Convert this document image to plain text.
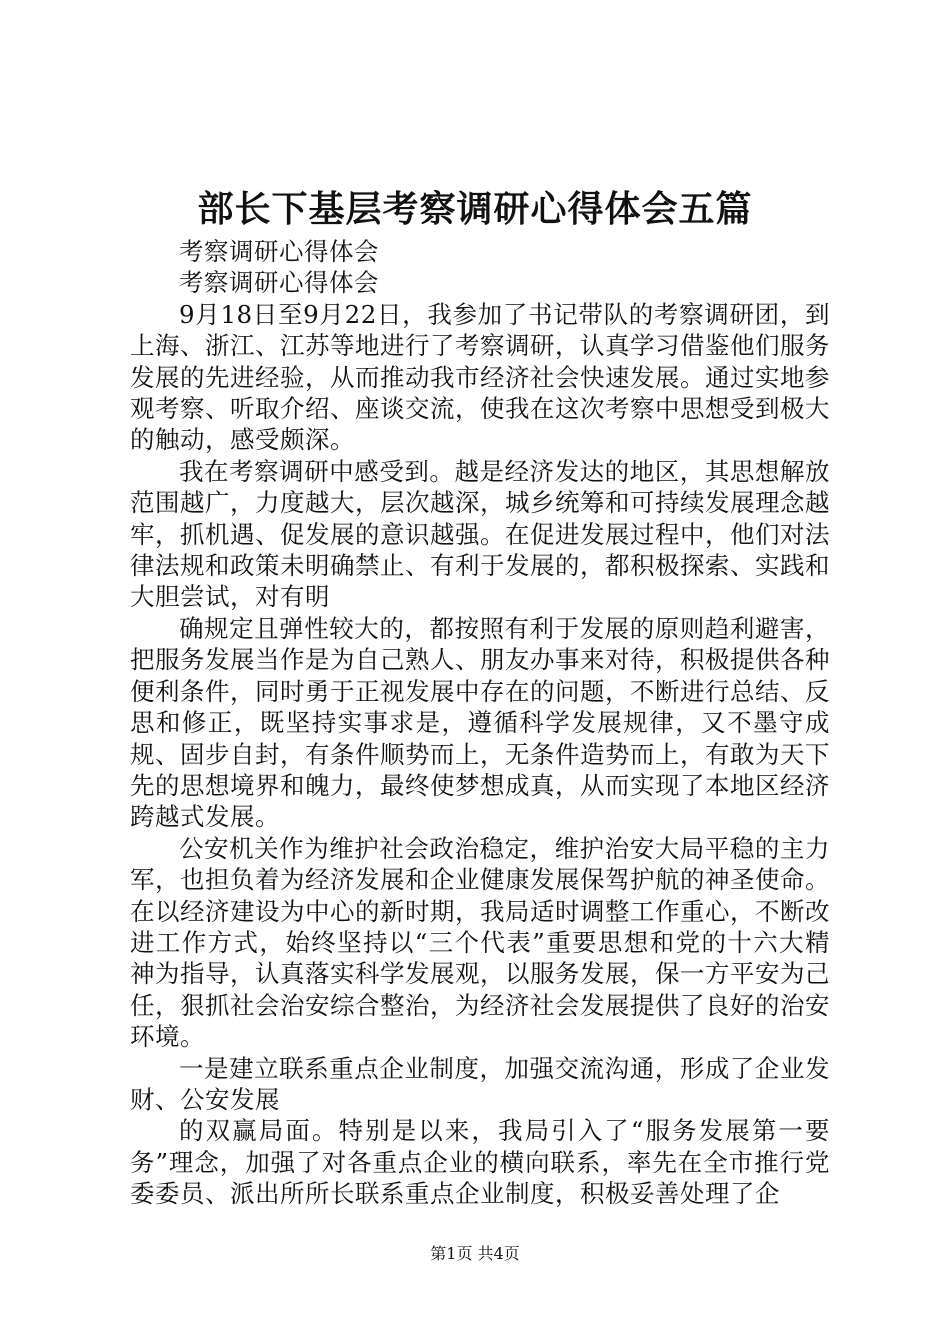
部长下基层考察调研心得体会五篇

考察调研心得体会

考察调研心得体会

9月18日至9月22日，我参加了书记带队的考察调研团，到上海、浙江、江苏等地进行了考察调研，认真学习借鉴他们服务发展的先进经验，从而推动我市经济社会快速发展。通过实地参观考察、听取介绍、座谈交流，使我在这次考察中思想受到极大的触动，感受颇深。

我在考察调研中感受到。越是经济发达的地区，其思想解放范围越广，力度越大，层次越深，城乡统筹和可持续发展理念越牢，抓机遇、促发展的意识越强。在促进发展过程中，他们对法律法规和政策未明确禁止、有利于发展的，都积极探索、实践和大胆尝试，对有明

确规定且弹性较大的，都按照有利于发展的原则趋利避害，把服务发展当作是为自己熟人、朋友办事来对待，积极提供各种便利条件，同时勇于正视发展中存在的问题，不断进行总结、反思和修正，既坚持实事求是，遵循科学发展规律，又不墨守成规、固步自封，有条件顺势而上，无条件造势而上，有敢为天下先的思想境界和魄力，最终使梦想成真，从而实现了本地区经济跨越式发展。

公安机关作为维护社会政治稳定，维护治安大局平稳的主力军，也担负着为经济发展和企业健康发展保驾护航的神圣使命。在以经济建设为中心的新时期，我局适时调整工作重心，不断改进工作方式，始终坚持以“三个代表”重要思想和党的十六大精神为指导，认真落实科学发展观，以服务发展，保一方平安为己任，狠抓社会治安综合整治，为经济社会发展提供了良好的治安环境。

一是建立联系重点企业制度，加强交流沟通，形成了企业发财、公安发展

的双赢局面。特别是以来，我局引入了“服务发展第一要务”理念，加强了对各重点企业的横向联系，率先在全市推行党委委员、派出所所长联系重点企业制度，积极妥善处理了企

第1页 共4页
